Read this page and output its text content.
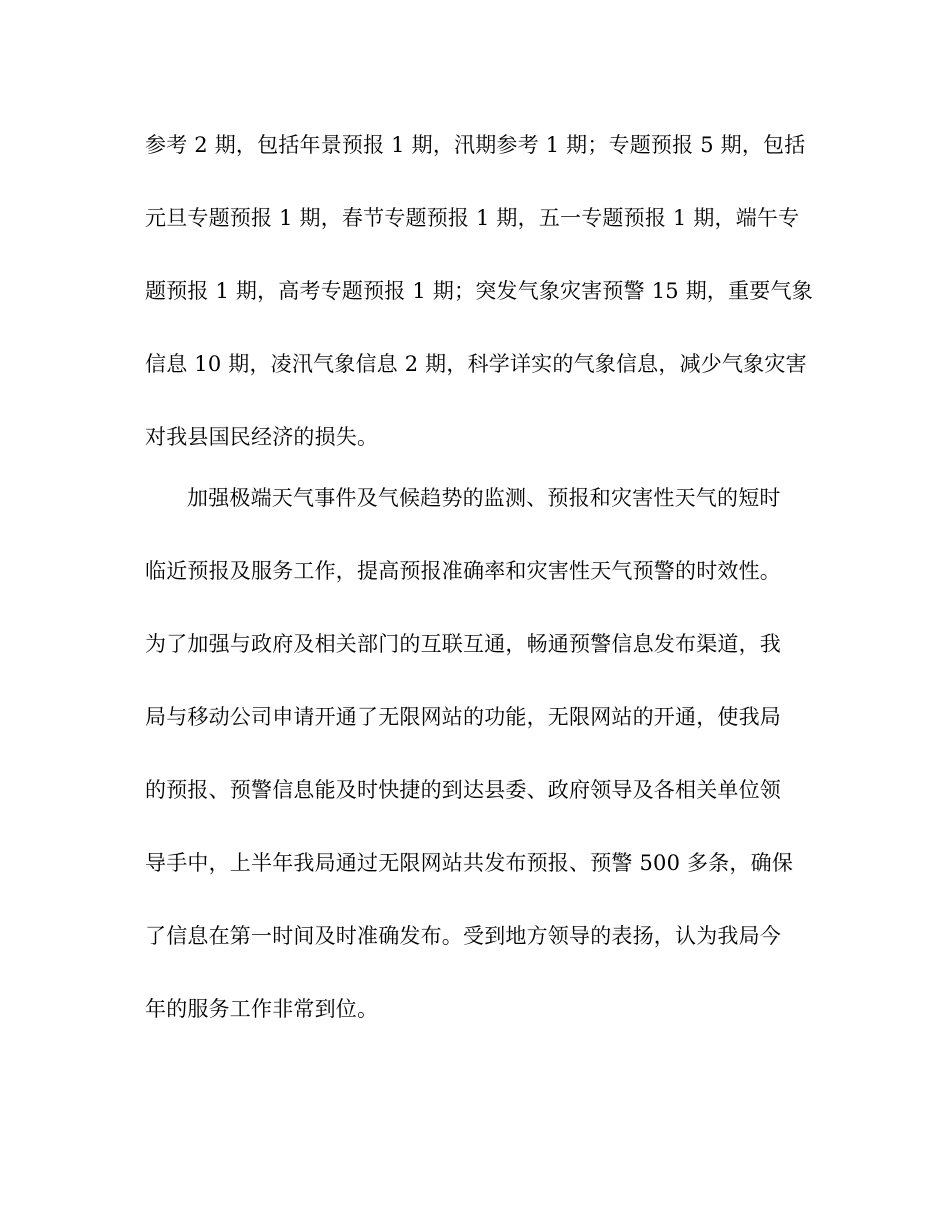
参考 2 期，包括年景预报 1 期，汛期参考 1 期；专题预报 5 期，包括
元旦专题预报 1 期，春节专题预报 1 期，五一专题预报 1 期，端午专
题预报 1 期，高考专题预报 1 期；突发气象灾害预警 15 期，重要气象
信息 10 期，凌汛气象信息 2 期，科学详实的气象信息，减少气象灾害
对我县国民经济的损失。
加强极端天气事件及气候趋势的监测、预报和灾害性天气的短时
临近预报及服务工作，提高预报准确率和灾害性天气预警的时效性。
为了加强与政府及相关部门的互联互通，畅通预警信息发布渠道，我
局与移动公司申请开通了无限网站的功能，无限网站的开通，使我局
的预报、预警信息能及时快捷的到达县委、政府领导及各相关单位领
导手中，上半年我局通过无限网站共发布预报、预警 500 多条，确保
了信息在第一时间及时准确发布。受到地方领导的表扬，认为我局今
年的服务工作非常到位。
